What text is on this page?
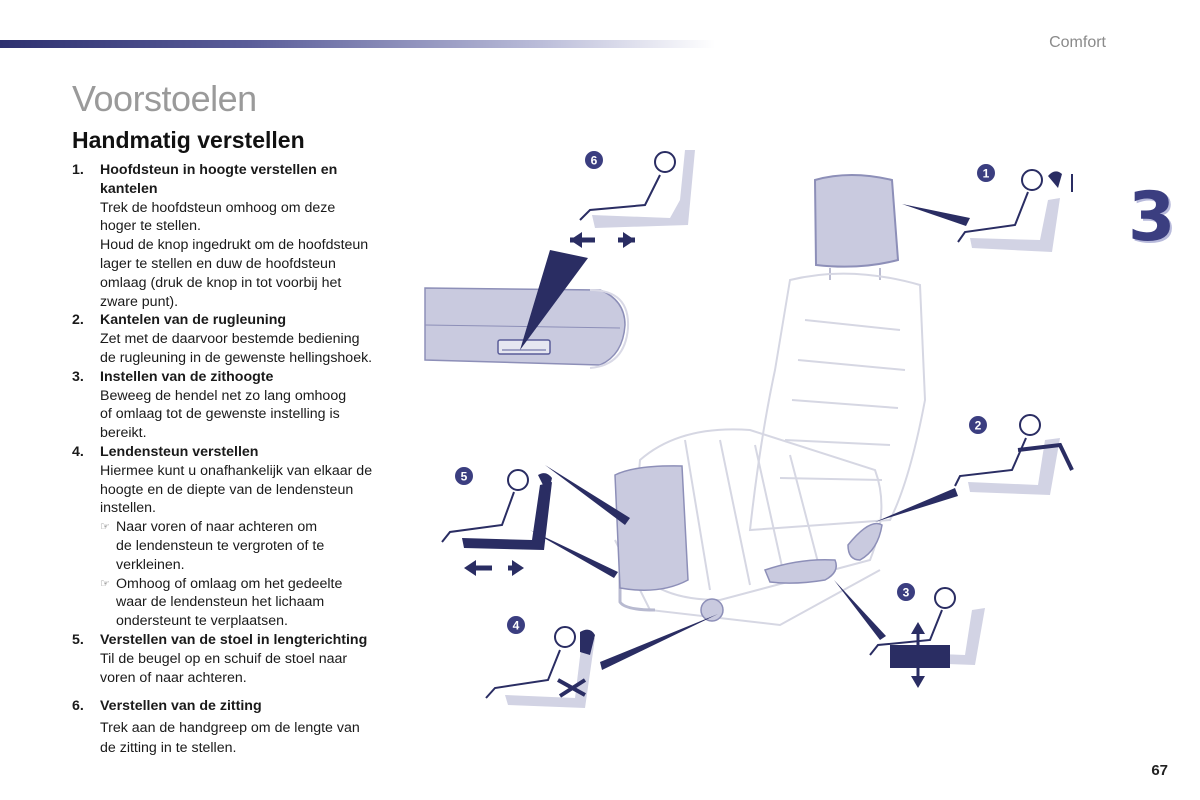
Comfort
3
Voorstoelen
Handmatig verstellen
1.	Hoofdsteun in hoogte verstellen en
kantelen
Trek de hoofdsteun omhoog om deze
hoger te stellen.
Houd de knop ingedrukt om de hoofdsteun
lager te stellen en duw de hoofdsteun
omlaag (druk de knop in tot voorbij het
zware punt).
2.	Kantelen van de rugleuning
Zet met de daarvoor bestemde bediening
de rugleuning in de gewenste hellingshoek.
3.	Instellen van de zithoogte
Beweeg de hendel net zo lang omhoog
of omlaag tot de gewenste instelling is
bereikt.
4.	Lendensteun verstellen
Hiermee kunt u onafhankelijk van elkaar de
hoogte en de diepte van de lendensteun
instellen.
☞ Naar voren of naar achteren om
de lendensteun te vergroten of te
verkleinen.
☞ Omhoog of omlaag om het gedeelte
waar de lendensteun het lichaam
ondersteunt te verplaatsen.
5.	Verstellen van de stoel in lengterichting
Til de beugel op en schuif de stoel naar
voren of naar achteren.
6.	Verstellen van de zitting
Trek aan de handgreep om de lengte van
de zitting in te stellen.
6
1
2
3
4
5
67
